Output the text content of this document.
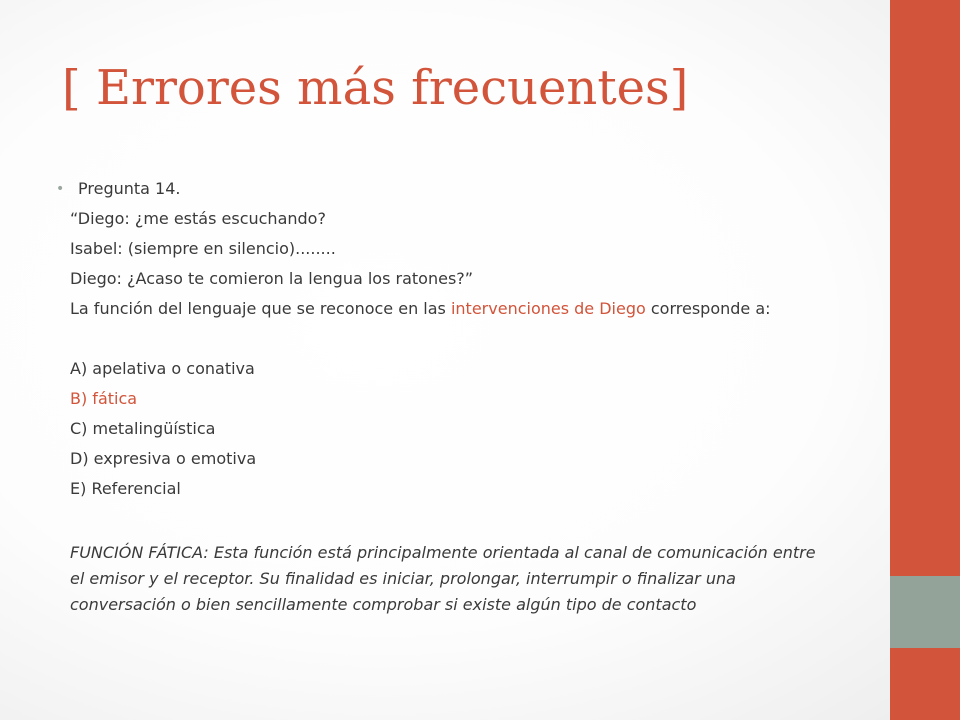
[ Errores más frecuentes]

• Pregunta 14.

“Diego: ¿me estás escuchando?

Isabel: (siempre en silencio)........

Diego: ¿Acaso te comieron la lengua los ratones?”

La función del lenguaje que se reconoce en las intervenciones de Diego corresponde a:

A) apelativa o conativa

B) fática

C) metalingüística

D) expresiva o emotiva

E) Referencial

FUNCIÓN FÁTICA: Esta función está principalmente orientada al canal de comunicación entre el emisor y el receptor. Su finalidad es iniciar, prolongar, interrumpir o finalizar una conversación o bien sencillamente comprobar si existe algún tipo de contacto
